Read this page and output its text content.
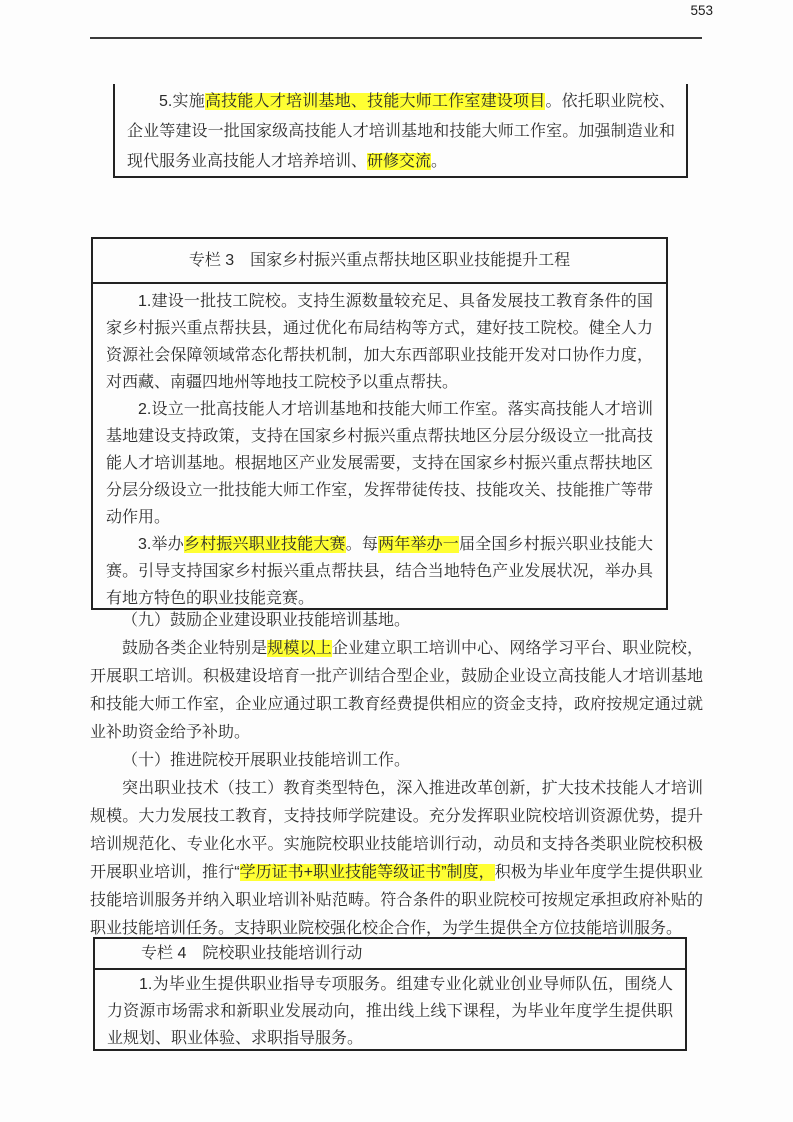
553

5.实施高技能人才培训基地、技能大师工作室建设项目。依托职业院校、企业等建设一批国家级高技能人才培训基地和技能大师工作室。加强制造业和现代服务业高技能人才培养培训、研修交流。

专栏 3　国家乡村振兴重点帮扶地区职业技能提升工程

1.建设一批技工院校。支持生源数量较充足、具备发展技工教育条件的国家乡村振兴重点帮扶县，通过优化布局结构等方式，建好技工院校。健全人力资源社会保障领域常态化帮扶机制，加大东西部职业技能开发对口协作力度，对西藏、南疆四地州等地技工院校予以重点帮扶。

2.设立一批高技能人才培训基地和技能大师工作室。落实高技能人才培训基地建设支持政策，支持在国家乡村振兴重点帮扶地区分层分级设立一批高技能人才培训基地。根据地区产业发展需要，支持在国家乡村振兴重点帮扶地区分层分级设立一批技能大师工作室，发挥带徒传技、技能攻关、技能推广等带动作用。

3.举办乡村振兴职业技能大赛。每两年举办一届全国乡村振兴职业技能大赛。引导支持国家乡村振兴重点帮扶县，结合当地特色产业发展状况，举办具有地方特色的职业技能竞赛。

（九）鼓励企业建设职业技能培训基地。

鼓励各类企业特别是规模以上企业建立职工培训中心、网络学习平台、职业院校，开展职工培训。积极建设培育一批产训结合型企业，鼓励企业设立高技能人才培训基地和技能大师工作室，企业应通过职工教育经费提供相应的资金支持，政府按规定通过就业补助资金给予补助。

（十）推进院校开展职业技能培训工作。

突出职业技术（技工）教育类型特色，深入推进改革创新，扩大技术技能人才培训规模。大力发展技工教育，支持技师学院建设。充分发挥职业院校培训资源优势，提升培训规范化、专业化水平。实施院校职业技能培训行动，动员和支持各类职业院校积极开展职业培训，推行“学历证书+职业技能等级证书”制度，积极为毕业年度学生提供职业技能培训服务并纳入职业培训补贴范畴。符合条件的职业院校可按规定承担政府补贴的职业技能培训任务。支持职业院校强化校企合作，为学生提供全方位技能培训服务。

专栏 4　院校职业技能培训行动

1.为毕业生提供职业指导专项服务。组建专业化就业创业导师队伍，围绕人力资源市场需求和新职业发展动向，推出线上线下课程，为毕业年度学生提供职业规划、职业体验、求职指导服务。
